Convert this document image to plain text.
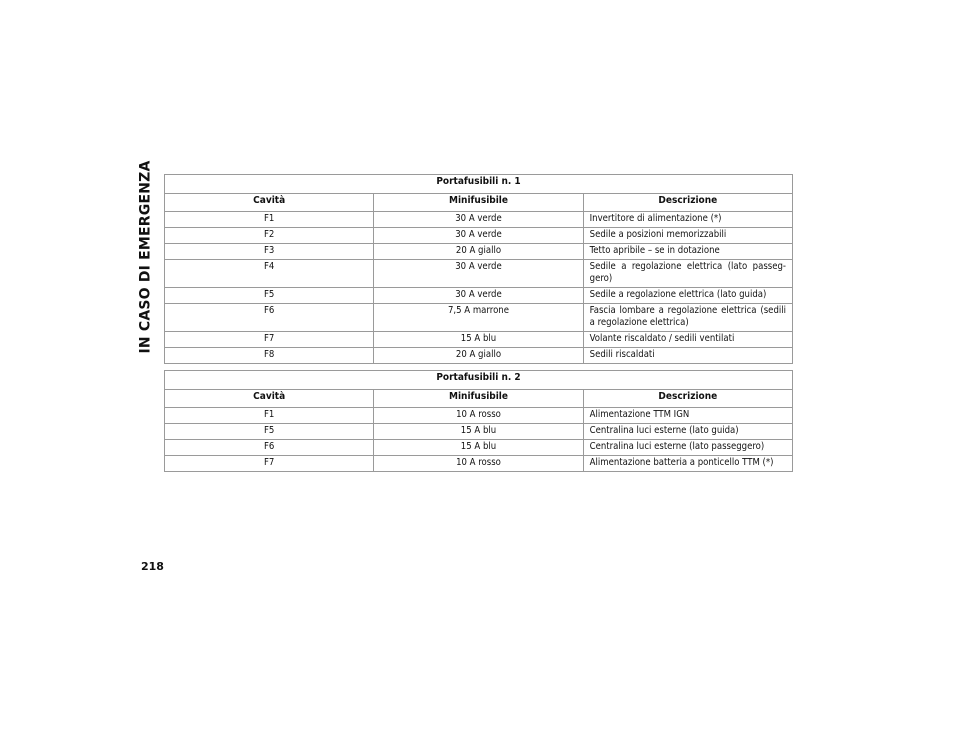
IN CASO DI EMERGENZA	Portafusibili n. 1		
Cavità	Minifusibile	Descrizione
F1	30 A verde	Invertitore di alimentazione (*)
F2	30 A verde	Sedile a posizioni memorizzabili
F3	20 A giallo	Tetto apribile – se in dotazione
F4	30 A verde	Sedile a regolazione elettrica (lato passeg-gero)
F5	30 A verde	Sedile a regolazione elettrica (lato guida)
F6	7,5 A marrone	Fascia lombare a regolazione elettrica (sedili a regolazione elettrica)
F7	15 A blu	Volante riscaldato / sedili ventilati
F8	20 A giallo	Sedili riscaldati
Portafusibili n. 2		
Cavità	Minifusibile	Descrizione
F1	10 A rosso	Alimentazione TTM IGN
F5	15 A blu	Centralina luci esterne (lato guida)
F6	15 A blu	Centralina luci esterne (lato passeggero)
F7	10 A rosso	Alimentazione batteria a ponticello TTM (*)
218
